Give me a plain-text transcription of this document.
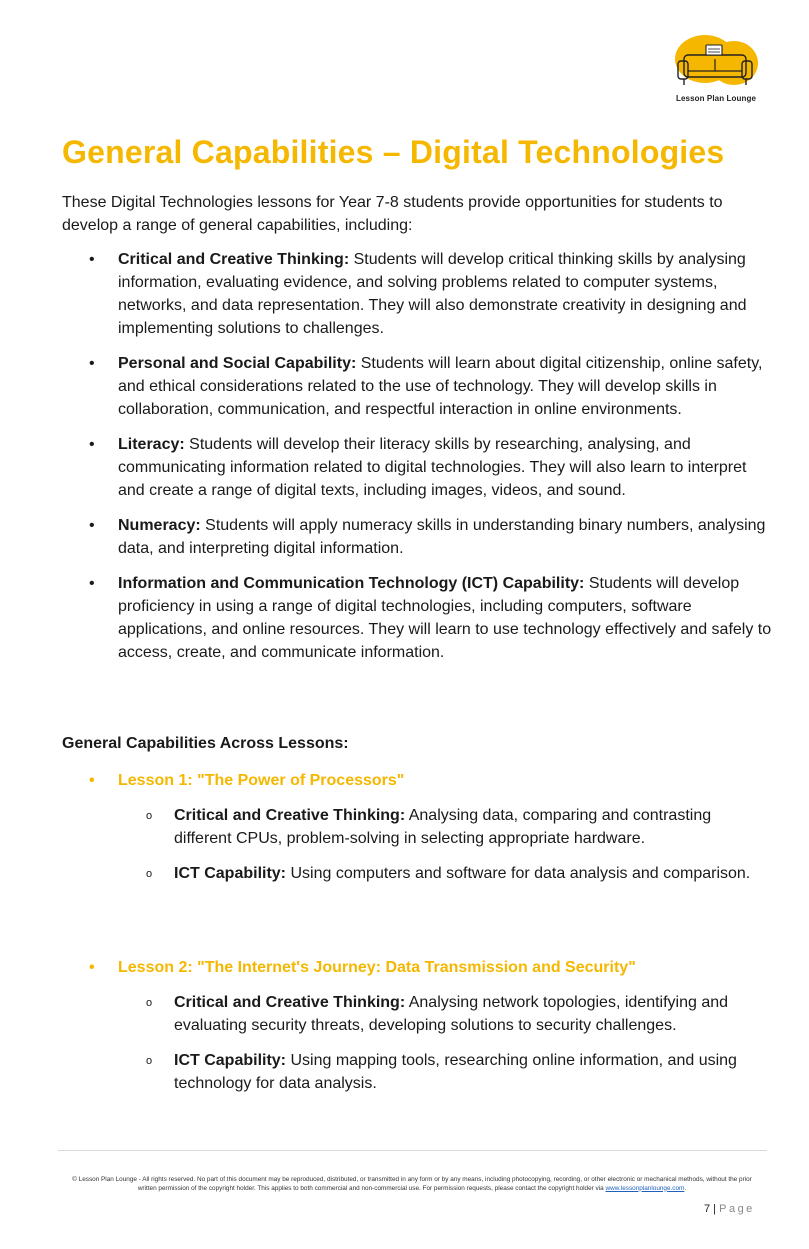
Lesson Plan Lounge
General Capabilities – Digital Technologies

These Digital Technologies lessons for Year 7-8 students provide opportunities for students to develop a range of general capabilities, including:

• Critical and Creative Thinking: Students will develop critical thinking skills by analysing information, evaluating evidence, and solving problems related to computer systems, networks, and data representation. They will also demonstrate creativity in designing and implementing solutions to challenges.
• Personal and Social Capability: Students will learn about digital citizenship, online safety, and ethical considerations related to the use of technology. They will develop skills in collaboration, communication, and respectful interaction in online environments.
• Literacy: Students will develop their literacy skills by researching, analysing, and communicating information related to digital technologies. They will also learn to interpret and create a range of digital texts, including images, videos, and sound.
• Numeracy: Students will apply numeracy skills in understanding binary numbers, analysing data, and interpreting digital information.
• Information and Communication Technology (ICT) Capability: Students will develop proficiency in using a range of digital technologies, including computers, software applications, and online resources. They will learn to use technology effectively and safely to access, create, and communicate information.

General Capabilities Across Lessons:

• Lesson 1: "The Power of Processors"
o Critical and Creative Thinking: Analysing data, comparing and contrasting different CPUs, problem-solving in selecting appropriate hardware.
o ICT Capability: Using computers and software for data analysis and comparison.
• Lesson 2: "The Internet's Journey: Data Transmission and Security"
o Critical and Creative Thinking: Analysing network topologies, identifying and evaluating security threats, developing solutions to security challenges.
o ICT Capability: Using mapping tools, researching online information, and using technology for data analysis.
© Lesson Plan Lounge - All rights reserved. No part of this document may be reproduced, distributed, or transmitted in any form or by any means, including photocopying, recording, or other electronic or mechanical methods, without the prior written permission of the copyright holder. This applies to both commercial and non-commercial use. For permission requests, please contact the copyright holder via www.lessonplanlounge.com.
7 | Page
